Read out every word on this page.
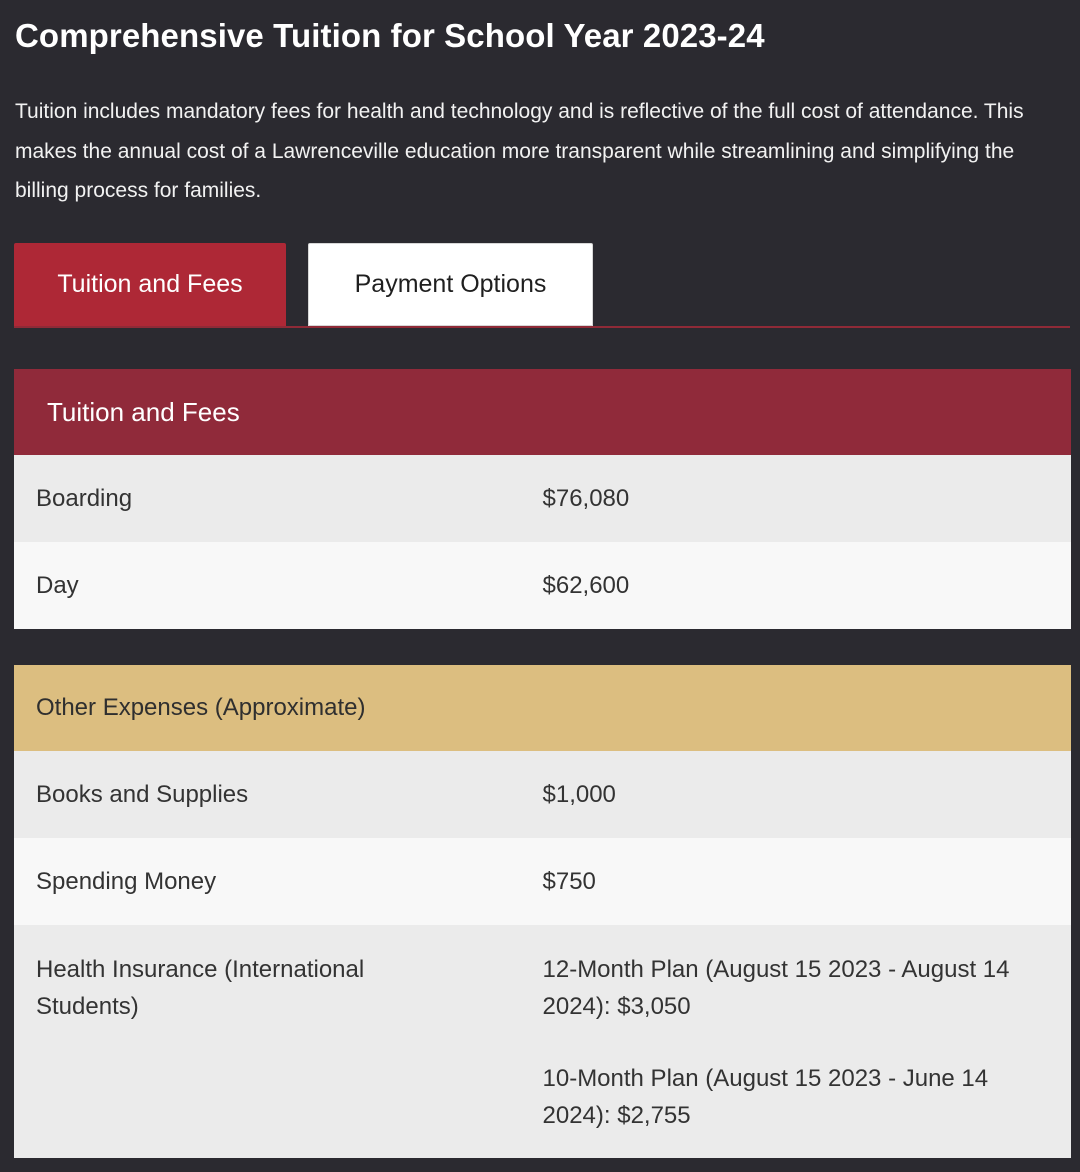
Comprehensive Tuition for School Year 2023-24

Tuition includes mandatory fees for health and technology and is reflective of the full cost of attendance. This makes the annual cost of a Lawrenceville education more transparent while streamlining and simplifying the billing process for families.

Tuition and Fees	Payment Options
Tuition and Fees	
Boarding	$76,080
Day	$62,600
Other Expenses (Approximate)	
Books and Supplies	$1,000
Spending Money	$750

Health Insurance (International Students)	12-Month Plan (August 15 2023 - August 14 2024): $3,050

10-Month Plan (August 15 2023 - June 14 2024): $2,755
